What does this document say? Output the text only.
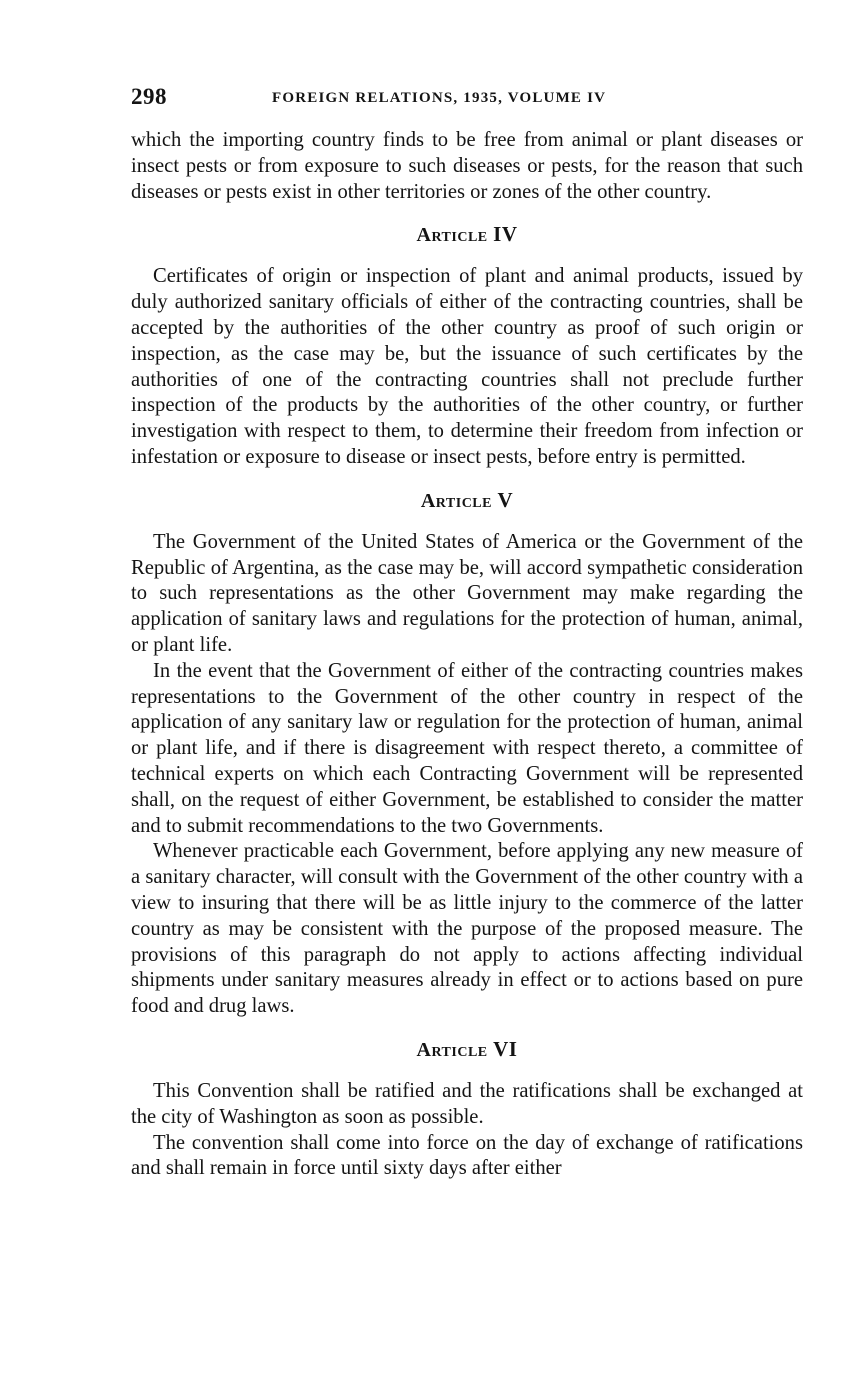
298	FOREIGN RELATIONS, 1935, VOLUME IV

which the importing country finds to be free from animal or plant diseases or insect pests or from exposure to such diseases or pests, for the reason that such diseases or pests exist in other territories or zones of the other country.

Article IV

Certificates of origin or inspection of plant and animal products, issued by duly authorized sanitary officials of either of the contracting countries, shall be accepted by the authorities of the other country as proof of such origin or inspection, as the case may be, but the issuance of such certificates by the authorities of one of the contracting countries shall not preclude further inspection of the products by the authorities of the other country, or further investigation with respect to them, to determine their freedom from infection or infestation or exposure to disease or insect pests, before entry is permitted.

Article V

The Government of the United States of America or the Government of the Republic of Argentina, as the case may be, will accord sympathetic consideration to such representations as the other Government may make regarding the application of sanitary laws and regulations for the protection of human, animal, or plant life.

In the event that the Government of either of the contracting countries makes representations to the Government of the other country in respect of the application of any sanitary law or regulation for the protection of human, animal or plant life, and if there is disagreement with respect thereto, a committee of technical experts on which each Contracting Government will be represented shall, on the request of either Government, be established to consider the matter and to submit recommendations to the two Governments.

Whenever practicable each Government, before applying any new measure of a sanitary character, will consult with the Government of the other country with a view to insuring that there will be as little injury to the commerce of the latter country as may be consistent with the purpose of the proposed measure. The provisions of this paragraph do not apply to actions affecting individual shipments under sanitary measures already in effect or to actions based on pure food and drug laws.

Article VI

This Convention shall be ratified and the ratifications shall be exchanged at the city of Washington as soon as possible.

The convention shall come into force on the day of exchange of ratifications and shall remain in force until sixty days after either
